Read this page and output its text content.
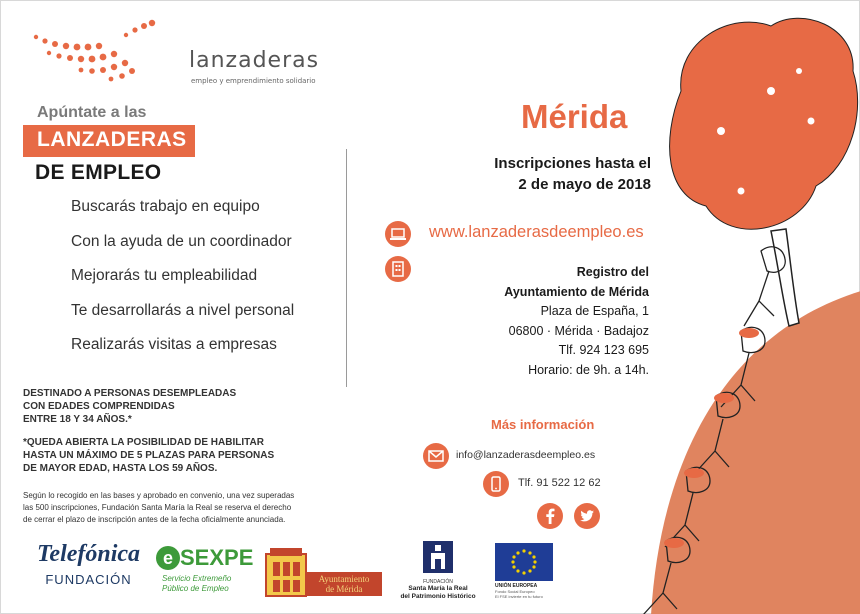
lanzaderas
empleo y emprendimiento solidario
Apúntate a las
LANZADERAS
DE EMPLEO
Buscarás trabajo en equipo
Con la ayuda de un coordinador
Mejorarás tu empleabilidad
Te desarrollarás a nivel personal
Realizarás visitas a empresas
DESTINADO A PERSONAS DESEMPLEADAS
CON EDADES COMPRENDIDAS
ENTRE 18 Y 34 AÑOS.*
*QUEDA ABIERTA LA POSIBILIDAD DE HABILITAR
HASTA UN MÁXIMO DE 5 PLAZAS PARA PERSONAS
DE MAYOR EDAD, HASTA LOS 59 AÑOS.
Según lo recogido en las bases y aprobado en convenio, una vez superadas
las 500 inscripciones, Fundación Santa María la Real se reserva el derecho
de cerrar el plazo de inscripción antes de la fecha oficialmente anunciada.
Telefónica
FUNDACIÓN
e SEXPE
Servicio Extremeño
Público de Empleo
Ayuntamiento
de Mérida
FUNDACIÓN
Santa María la Real
del Patrimonio Histórico
UNIÓN EUROPEA
Fondo Social Europeo
El FSE invierte en tu futuro
Mérida
Inscripciones hasta el
2 de mayo de 2018
www.lanzaderasdeempleo.es
Registro del
Ayuntamiento de Mérida
Plaza de España, 1
06800 · Mérida · Badajoz
Tlf. 924 123 695
Horario: de 9h. a 14h.
Más información
info@lanzaderasdeempleo.es
Tlf. 91 522 12 62
